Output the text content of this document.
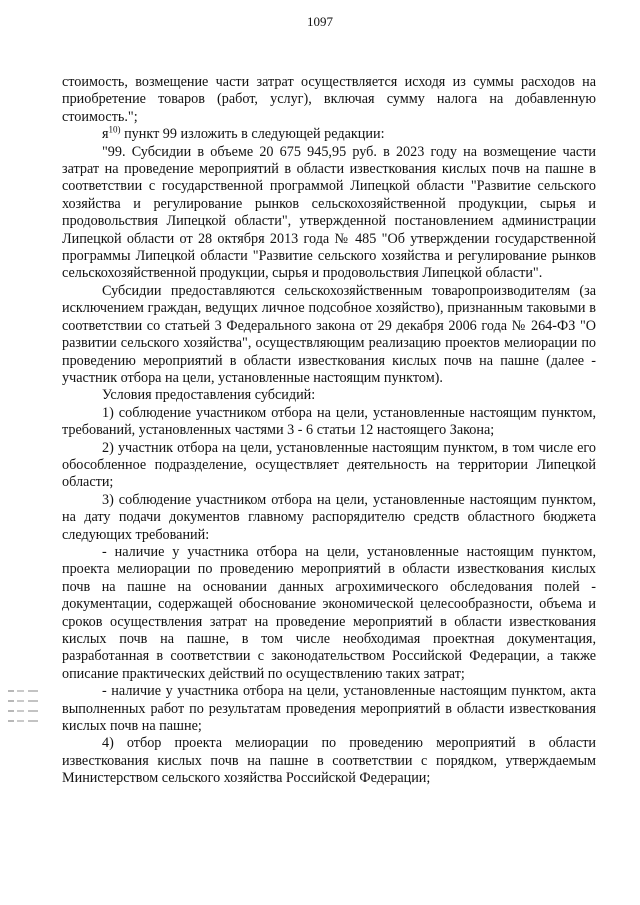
1097

стоимость, возмещение части затрат осуществляется исходя из суммы расходов на приобретение товаров (работ, услуг), включая сумму налога на добавленную стоимость.";

$я^{10)}$ пункт 99 изложить в следующей редакции:

"99. Субсидии в объеме 20 675 945,95 руб. в 2023 году на возмещение части затрат на проведение мероприятий в области известкования кислых почв на пашне в соответствии с государственной программой Липецкой области "Развитие сельского хозяйства и регулирование рынков сельскохозяйственной продукции, сырья и продовольствия Липецкой области", утвержденной постановлением администрации Липецкой области от 28 октября 2013 года № 485 "Об утверждении государственной программы Липецкой области "Развитие сельского хозяйства и регулирование рынков сельскохозяйственной продукции, сырья и продовольствия Липецкой области".

Субсидии предоставляются сельскохозяйственным товаропроизводителям (за исключением граждан, ведущих личное подсобное хозяйство), признанным таковыми в соответствии со статьей 3 Федерального закона от 29 декабря 2006 года № 264-ФЗ "О развитии сельского хозяйства", осуществляющим реализацию проектов мелиорации по проведению мероприятий в области известкования кислых почв на пашне (далее - участник отбора на цели, установленные настоящим пунктом).

Условия предоставления субсидий:

1) соблюдение участником отбора на цели, установленные настоящим пунктом, требований, установленных частями 3 - 6 статьи 12 настоящего Закона;

2) участник отбора на цели, установленные настоящим пунктом, в том числе его обособленное подразделение, осуществляет деятельность на территории Липецкой области;

3) соблюдение участником отбора на цели, установленные настоящим пунктом, на дату подачи документов главному распорядителю средств областного бюджета следующих требований:

- наличие у участника отбора на цели, установленные настоящим пунктом, проекта мелиорации по проведению мероприятий в области известкования кислых почв на пашне на основании данных агрохимического обследования полей - документации, содержащей обоснование экономической целесообразности, объема и сроков осуществления затрат на проведение мероприятий в области известкования кислых почв на пашне, в том числе необходимая проектная документация, разработанная в соответствии с законодательством Российской Федерации, а также описание практических действий по осуществлению таких затрат;

- наличие у участника отбора на цели, установленные настоящим пунктом, акта выполненных работ по результатам проведения мероприятий в области известкования кислых почв на пашне;

4) отбор проекта мелиорации по проведению мероприятий в области известкования кислых почв на пашне в соответствии с порядком, утверждаемым Министерством сельского хозяйства Российской Федерации;
